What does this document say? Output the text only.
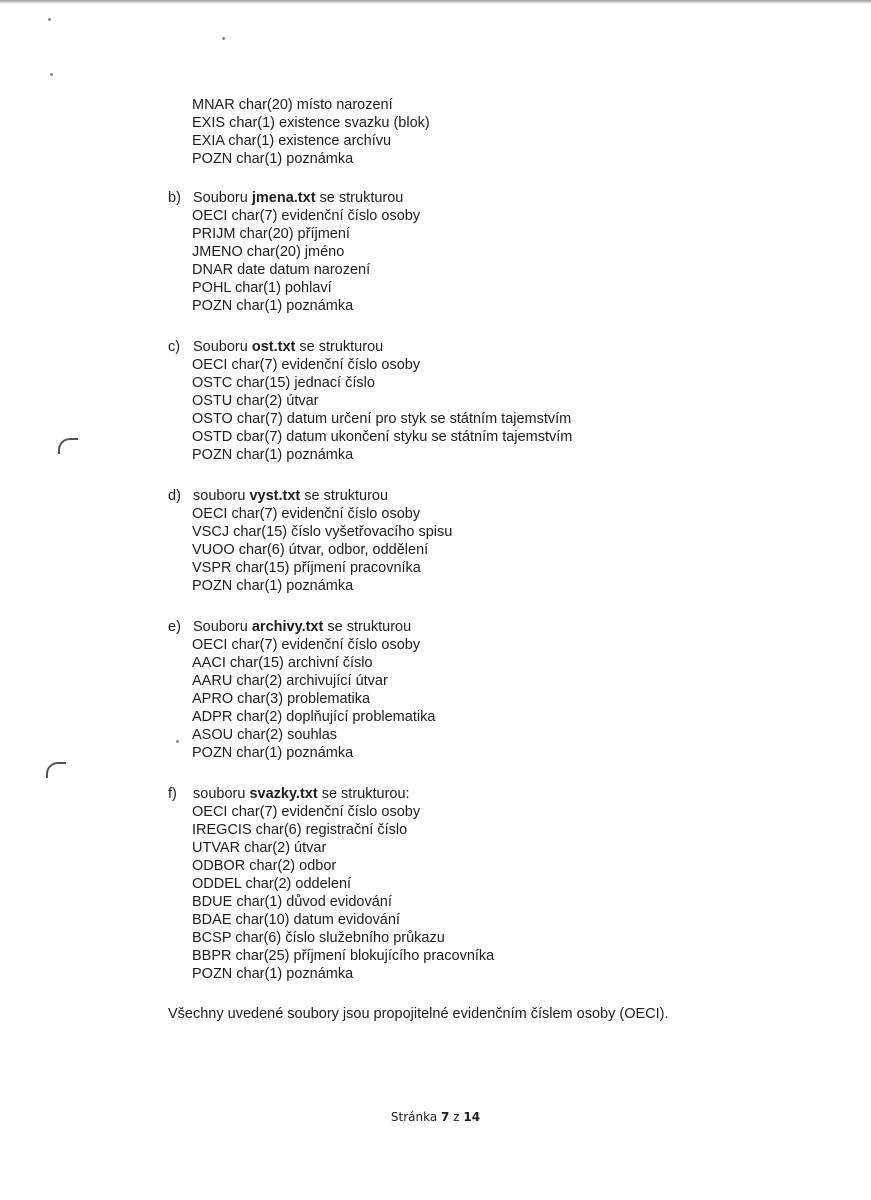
MNAR char(20) místo narození
EXIS char(1) existence svazku (blok)
EXIA char(1) existence archívu
POZN char(1) poznámka
b) Souboru jmena.txt se strukturou
OECI char(7) evidenční číslo osoby
PRIJM char(20) příjmení
JMENO char(20) jméno
DNAR date datum narození
POHL char(1) pohlaví
POZN char(1) poznámka
c) Souboru ost.txt se strukturou
OECI char(7) evidenční číslo osoby
OSTC char(15) jednací číslo
OSTU char(2) útvar
OSTO char(7) datum určení pro styk se státním tajemstvím
OSTD cbar(7) datum ukončení styku se státním tajemstvím
POZN char(1) poznámka
d) souboru vyst.txt se strukturou
OECI char(7) evidenční číslo osoby
VSCJ char(15) číslo vyšetřovacího spisu
VUOO char(6) útvar, odbor, oddělení
VSPR char(15) příjmení pracovníka
POZN char(1) poznámka
e) Souboru archivy.txt se strukturou
OECI char(7) evidenční číslo osoby
AACI char(15) archivní číslo
AARU char(2) archivující útvar
APRO char(3) problematika
ADPR char(2) doplňující problematika
ASOU char(2) souhlas
POZN char(1) poznámka
f) souboru svazky.txt se strukturou:
OECI char(7) evidenční číslo osoby
IREGCIS char(6) registrační číslo
UTVAR char(2) útvar
ODBOR char(2) odbor
ODDEL char(2) oddelení
BDUE char(1) důvod evidování
BDAE char(10) datum evidování
BCSP char(6) číslo služebního průkazu
BBPR char(25) příjmení blokujícího pracovníka
POZN char(1) poznámka
Všechny uvedené soubory jsou propojitelné evidenčním číslem osoby (OECI).
Stránka 7 z 14
